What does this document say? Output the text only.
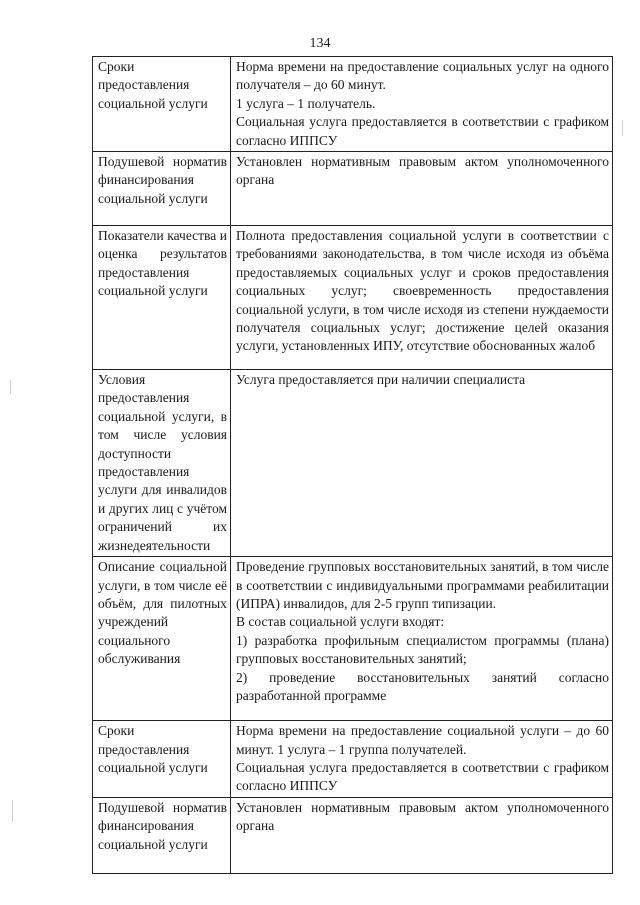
134
Сроки предоставления социальной услуги	Норма времени на предоставление социальных услуг на одного получателя – до 60 минут.
1 услуга – 1 получатель.
Социальная услуга предоставляется в соответствии с графиком согласно ИППСУ

Подушевой норматив финансирования социальной услуги	Установлен нормативным правовым актом уполномоченного органа

Показатели качества и оценка результатов предоставления социальной услуги	Полнота предоставления социальной услуги в соответствии с требованиями законодательства, в том числе исходя из объёма предоставляемых социальных услуг и сроков предоставления социальных услуг; своевременность предоставления социальной услуги, в том числе исходя из степени нуждаемости получателя социальных услуг; достижение целей оказания услуги, установленных ИПУ, отсутствие обоснованных жалоб

Условия предоставления социальной услуги, в том числе условия доступности предоставления услуги для инвалидов и других лиц с учётом ограничений их жизнедеятельности	Услуга предоставляется при наличии специалиста

Описание социальной услуги, в том числе её объём, для пилотных учреждений социального обслуживания	Проведение групповых восстановительных занятий, в том числе в соответствии с индивидуальными программами реабилитации (ИПРА) инвалидов, для 2-5 групп типизации.
В состав социальной услуги входят:
1) разработка профильным специалистом программы (плана) групповых восстановительных занятий;
2) проведение восстановительных занятий согласно разработанной программе

Сроки предоставления социальной услуги	Норма времени на предоставление социальной услуги – до 60 минут. 1 услуга – 1 группа получателей.
Социальная услуга предоставляется в соответствии с графиком согласно ИППСУ

Подушевой норматив финансирования социальной услуги	Установлен нормативным правовым актом уполномоченного органа
